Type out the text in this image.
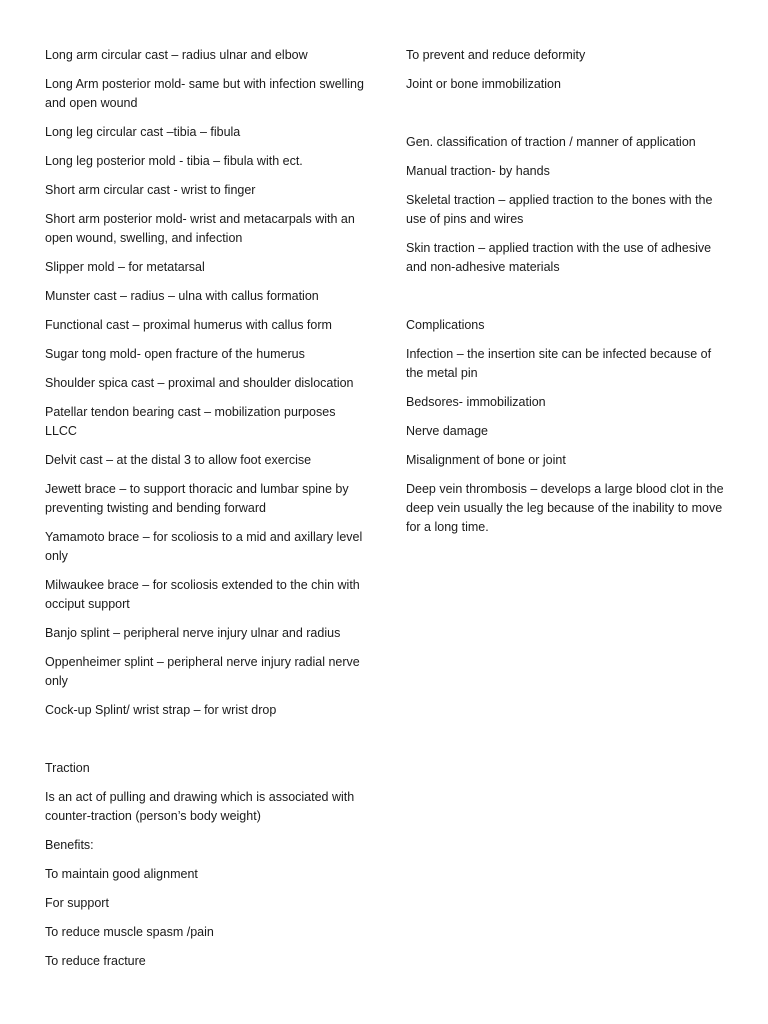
Long arm circular cast – radius ulnar and elbow

Long Arm posterior mold- same but with infection swelling and open wound

Long leg circular cast –tibia – fibula

Long leg posterior mold - tibia – fibula with ect.

Short arm circular cast - wrist to finger

Short arm posterior mold- wrist and metacarpals with an open wound, swelling, and infection

Slipper mold – for metatarsal

Munster cast – radius – ulna with callus formation

Functional cast – proximal humerus with callus form

Sugar tong mold- open fracture of the humerus

Shoulder spica cast – proximal and shoulder dislocation

Patellar tendon bearing cast – mobilization purposes LLCC

Delvit cast – at the distal 3 to allow foot exercise

Jewett brace – to support thoracic and lumbar spine by preventing twisting and bending forward

Yamamoto brace – for scoliosis to a mid and axillary level only

Milwaukee brace – for scoliosis extended to the chin with occiput support

Banjo splint – peripheral nerve injury ulnar and radius

Oppenheimer splint – peripheral nerve injury radial nerve only

Cock-up Splint/ wrist strap – for wrist drop

Traction

Is an act of pulling and drawing which is associated with counter-traction (person’s body weight)

Benefits:

To maintain good alignment

For support

To reduce muscle spasm /pain

To reduce fracture

To prevent and reduce deformity

Joint or bone immobilization

Gen. classification of traction / manner of application

Manual traction- by hands

Skeletal traction – applied traction to the bones with the use of pins and wires

Skin traction – applied traction with the use of adhesive and non-adhesive materials

Complications

Infection – the insertion site can be infected because of the metal pin

Bedsores- immobilization

Nerve damage

Misalignment of bone or joint

Deep vein thrombosis – develops a large blood clot in the deep vein usually the leg because of the inability to move for a long time.
